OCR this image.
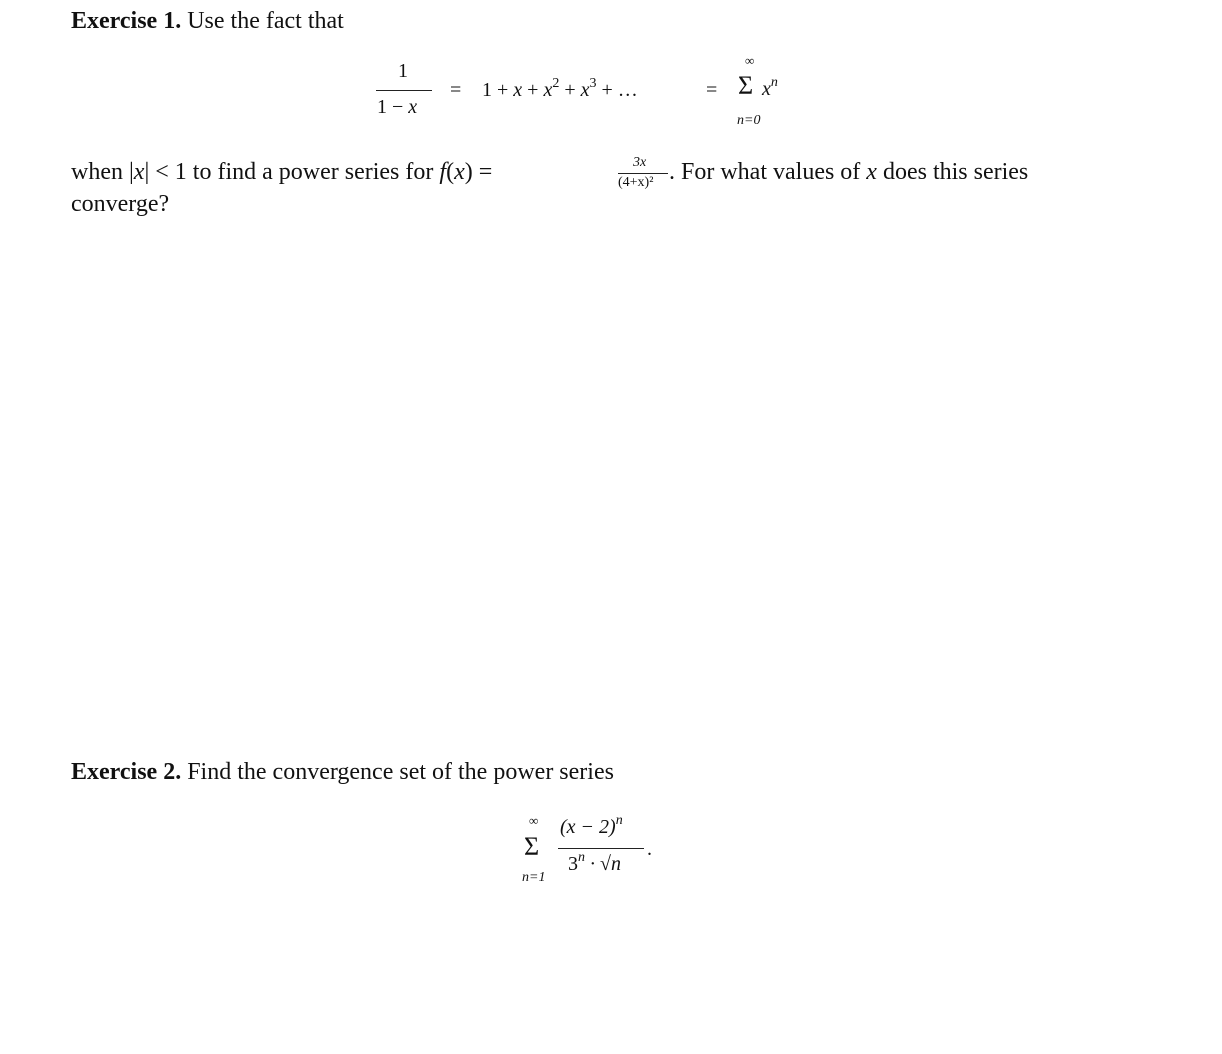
Exercise 1. Use the fact that
1
1 − x
= $1 + x + x^2 + x^3$ + …	=
∞
Σ $x^n$
n=0
when |x| < 1 to find a power series for f(x) =	3x
(4+x)² . For what values of x does this series
converge?
Exercise 2. Find the convergence set of the power series
∞
Σ
n=1
$(x - 2)^n$
$3^n \cdot √n$
.
